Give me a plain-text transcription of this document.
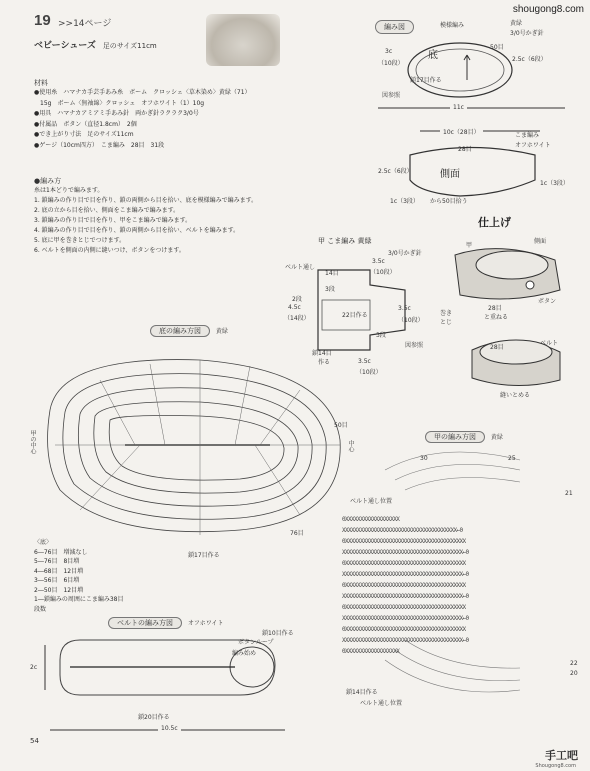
shougong8.com
19 >>14ページ
ベビーシューズ 足のサイズ11cm
材料
●使用糸　ハマナカ手芸手あみ糸　ボーム　クロッシェ〈草木染め〉黄緑（71）
　15g　ボーム〈無袖綿〉クロッシェ　オフホワイト（1）10g
●用具　ハマナカアミアミ手あみ針　両かぎ針ラクラク3/0号
●付属品　ボタン（直径1.8cm）　2個
●でき上がり寸法　足のサイズ11cm
●ゲージ（10cm四方）　こま編み　28目　31段
●編み方
糸は1本どりで編みます。
1. 鎖編みの作り目で目を作り、鎖の両側から目を拾い、底を模様編みで編みます。
2. 底の立から目を拾い、側面をこま編みで編みます。
3. 鎖編みの作り目で目を作り、甲をこま編みで編みます。
4. 鎖編みの作り目で目を作り、鎖の両側から目を拾い、ベルトを編みます。
5. 底に甲を巻きとじでつけます。
6. ベルトを側面の内側に縫いつけ、ボタンをつけます。
編み図
底
鎖17目作る
図参照
3c
（10段）
50目
2.5c（6段）
模様編み	黄緑
3/0号かぎ針
11c
10c（28目）
28目
2.5c（6段）
1c（3段）
1c（3段）
側面
から50目拾う
こま編み
オフホワイト
甲 こま編み 黄緑
3/0号かぎ針
ベルト通し
14目
3段
3.5c
（10段）
4.5c
（14段）
2段
22目作る
3.5c
（10段）
図参照
鎖14目
作る	3.5c
（10段）
3段
仕上げ
甲
側面
巻き
とじ
28目
と重ねる
ボタン
28目
ベルト
縫いとめる
底の編み方図 黄緑
甲の中心	中心
50目
76目
鎖17目作る
〈底〉
6―76目　増減なし
5―76目　8目増
4―68目　12目増
3―56目　6目増
2―50目　12目増
1―鎖編みの周囲にこま編み38目
段数
ベルトの編み方図 オフホワイト
鎖10目作る
ボタンループ
編み始め
2c
鎖20目作る
10.5c
甲の編み方図 黄緑
30	25
21
ベルト通し位置
ベルト通し位置
鎖14目作る
22
20
0XXXXXXXXXXXXXXXXXX
XXXXXXXXXXXXXXXXXXXXXXXXXXXXXXXXXXXXXX←0
0XXXXXXXXXXXXXXXXXXXXXXXXXXXXXXXXXXXXXXXX
XXXXXXXXXXXXXXXXXXXXXXXXXXXXXXXXXXXXXXXX←0
0XXXXXXXXXXXXXXXXXXXXXXXXXXXXXXXXXXXXXXXX
XXXXXXXXXXXXXXXXXXXXXXXXXXXXXXXXXXXXXXXX←0
0XXXXXXXXXXXXXXXXXXXXXXXXXXXXXXXXXXXXXXXX
XXXXXXXXXXXXXXXXXXXXXXXXXXXXXXXXXXXXXXXX←0
0XXXXXXXXXXXXXXXXXXXXXXXXXXXXXXXXXXXXXXXX
XXXXXXXXXXXXXXXXXXXXXXXXXXXXXXXXXXXXXXXX←0
0XXXXXXXXXXXXXXXXXXXXXXXXXXXXXXXXXXXXXXXX
XXXXXXXXXXXXXXXXXXXXXXXXXXXXXXXXXXXXXXXX←0
0XXXXXXXXXXXXXXXXXX
54
手工吧
Shougong8.com
